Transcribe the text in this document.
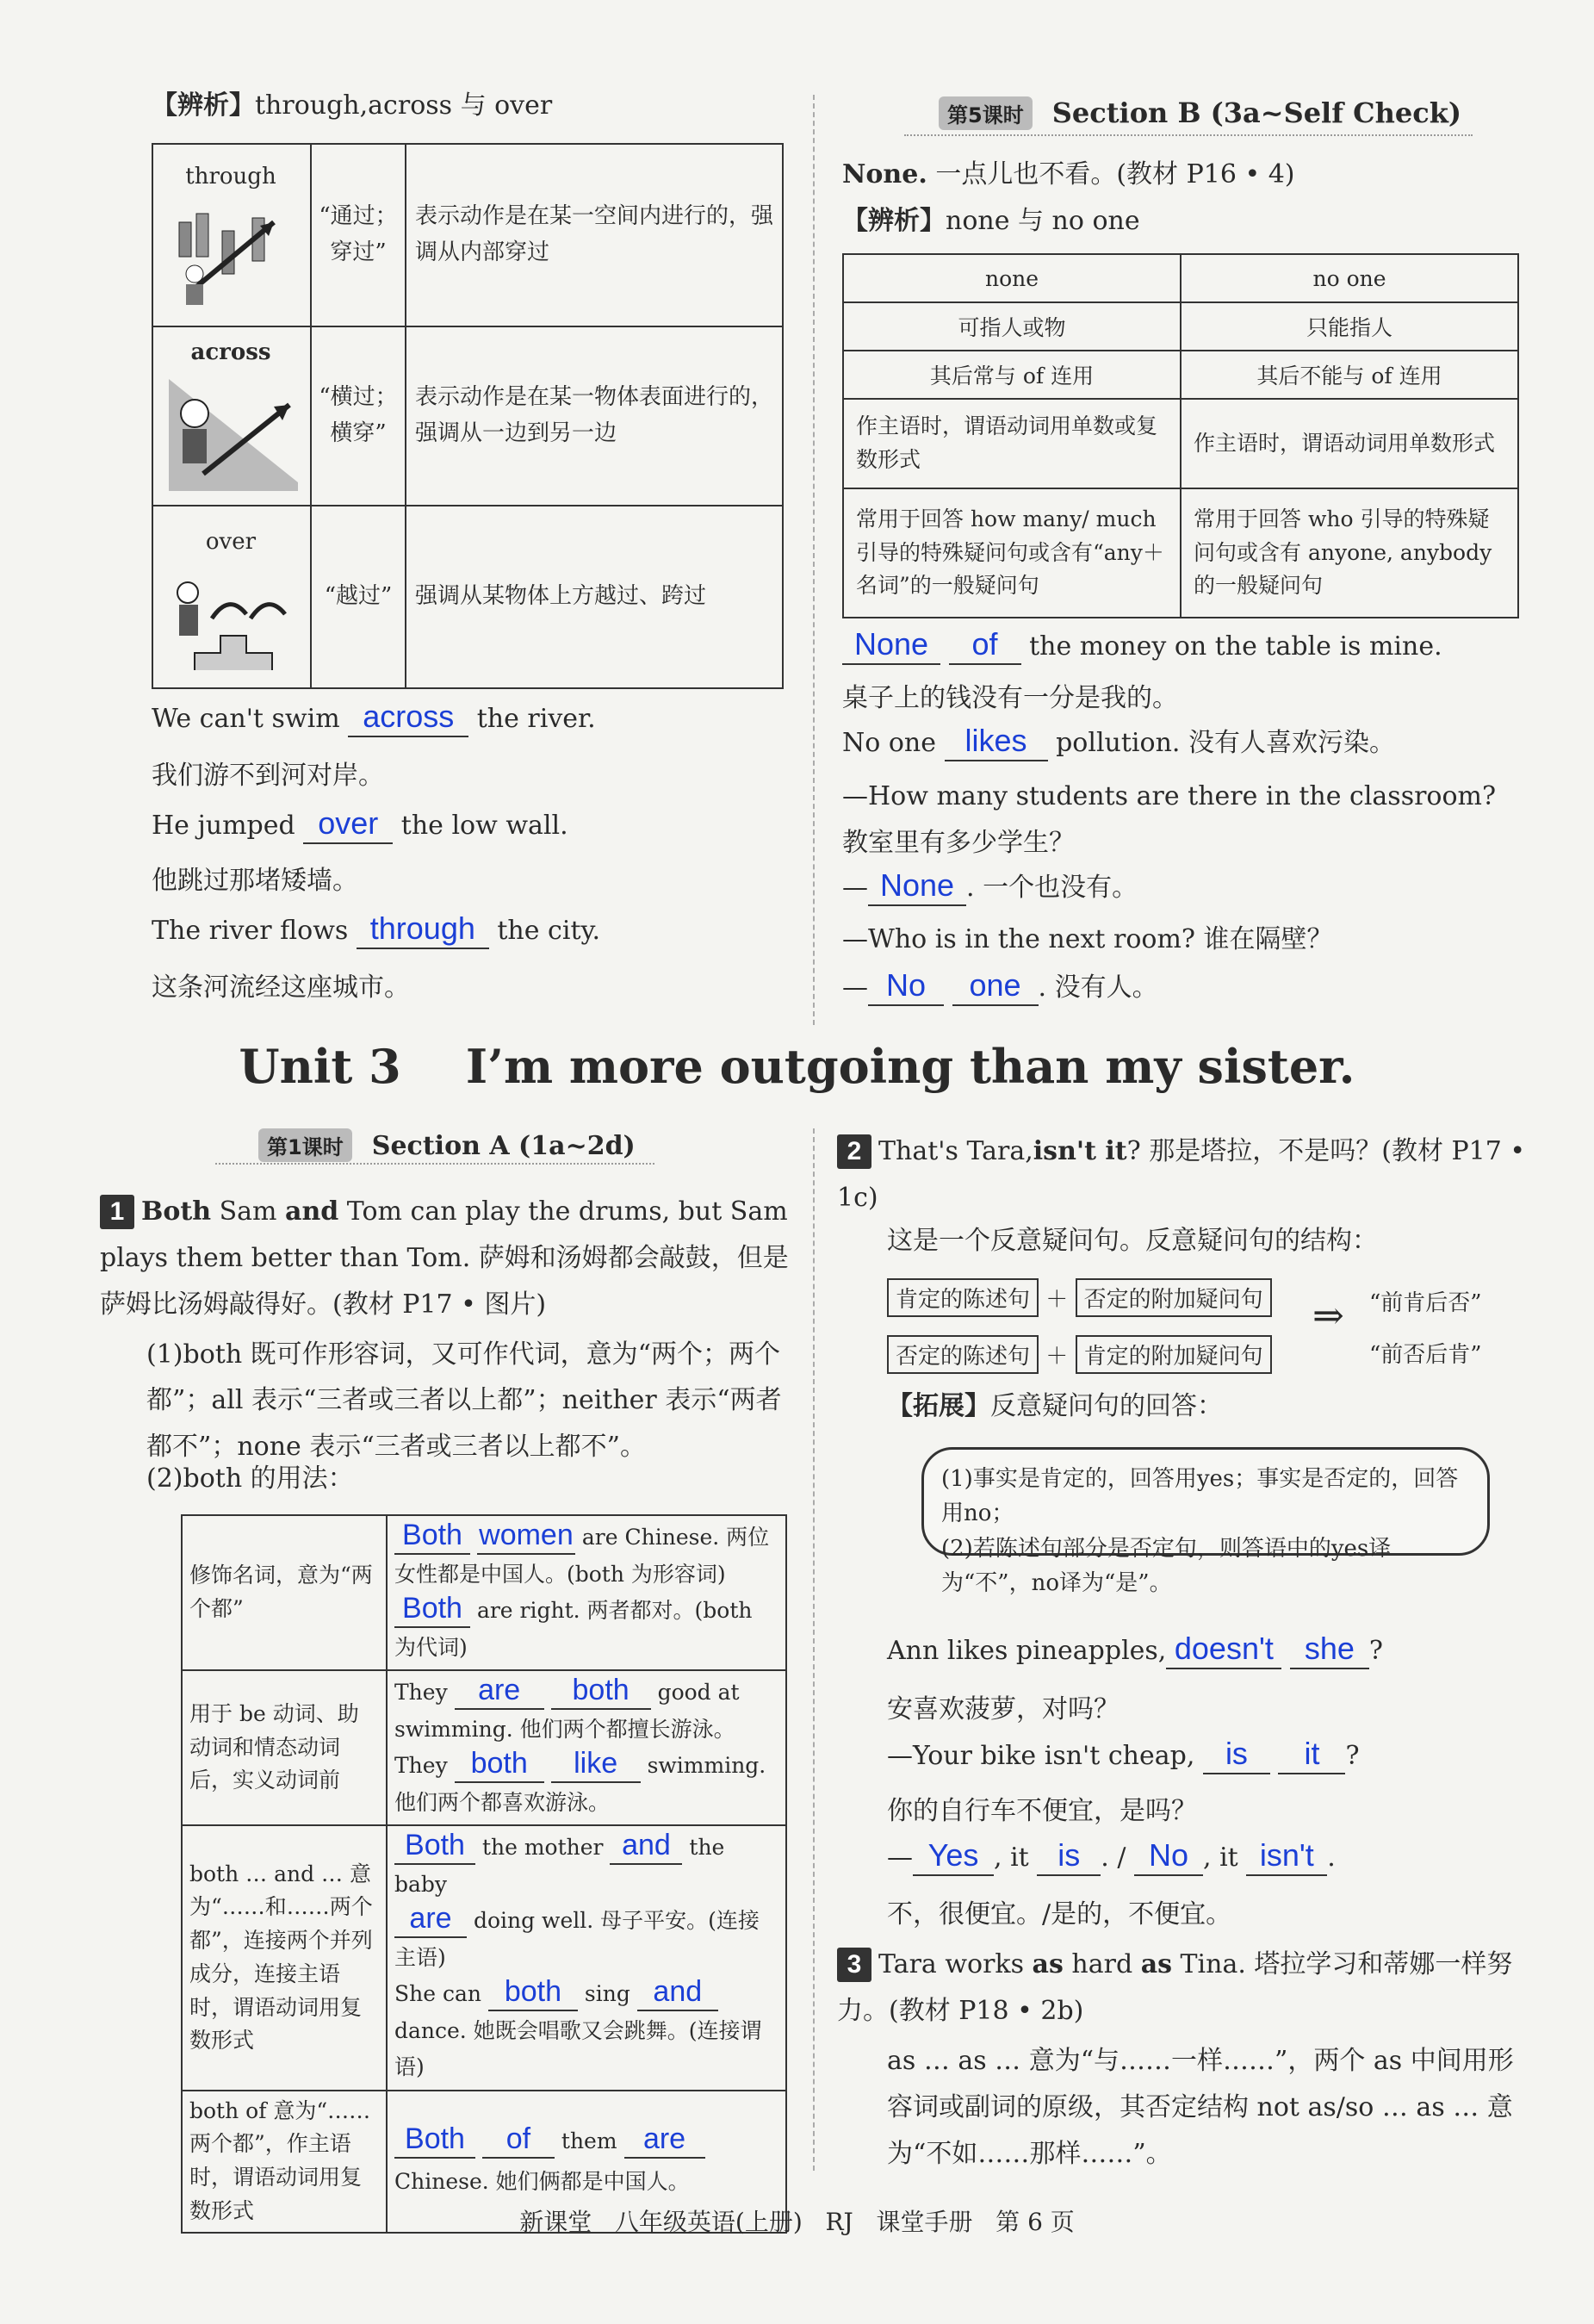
【辨析】through,across 与 over
through	“通过；穿过”	表示动作是在某一空间内进行的，强调从内部穿过

across	“横过；横穿”	表示动作是在某一物体表面进行的，强调从一边到另一边

over	“越过”	强调从某物体上方越过、跨过
We can't swim across the river.
我们游不到河对岸。
He jumped over the low wall.
他跳过那堵矮墙。
The river flows through the city.
这条河流经这座城市。
第5课时 Section B (3a~Self Check)
None. 一点儿也不看。(教材 P16 • 4)
【辨析】none 与 no one
none	no one
可指人或物	只能指人
其后常与 of 连用	其后不能与 of 连用
作主语时，谓语动词用单数或复数形式	作主语时，谓语动词用单数形式
常用于回答 how many/ much 引导的特殊疑问句或含有“any＋名词”的一般疑问句	常用于回答 who 引导的特殊疑问句或含有 anyone, anybody 的一般疑问句
None of the money on the table is mine.
桌子上的钱没有一分是我的。
No one likes pollution. 没有人喜欢污染。
—How many students are there in the classroom?
教室里有多少学生？
— None . 一个也没有。
—Who is in the next room? 谁在隔壁？
— No one . 没有人。
Unit 3    I’m more outgoing than my sister.
第1课时 Section A (1a~2d)
1 Both Sam and Tom can play the drums, but Sam plays them better than Tom. 萨姆和汤姆都会敲鼓，但是萨姆比汤姆敲得好。(教材 P17 • 图片)
(1)both 既可作形容词，又可作代词，意为“两个；两个都”；all 表示“三者或三者以上都”；neither 表示“两者都不”；none 表示“三者或三者以上都不”。
(2)both 的用法：
修饰名词，意为“两个都”	Both women are Chinese. 两位女性都是中国人。(both 为形容词)
Both are right. 两者都对。(both 为代词)
用于 be 动词、助动词和情态动词后，实义动词前	They are both good at swimming. 他们两个都擅长游泳。
They both like swimming. 他们两个都喜欢游泳。
both … and … 意为“……和……两个都”，连接两个并列成分，连接主语时，谓语动词用复数形式	Both the mother and the baby
are doing well. 母子平安。(连接主语)
She can both sing and dance. 她既会唱歌又会跳舞。(连接谓语)
both of 意为“……两个都”，作主语时，谓语动词用复数形式	Both of them are
Chinese. 她们俩都是中国人。
2 That's Tara,isn't it? 那是塔拉，不是吗？(教材 P17 • 1c)
这是一个反意疑问句。反意疑问句的结构：
肯定的陈述句 ＋ 否定的附加疑问句
否定的陈述句 ＋ 肯定的附加疑问句
⇒ “前肯后否”
“前否后肯”
【拓展】反意疑问句的回答：
(1)事实是肯定的，回答用yes；事实是否定的，回答用no；
(2)若陈述句部分是否定句，则答语中的yes译为“不”，no译为“是”。
Ann likes pineapples, doesn't she ?
安喜欢菠萝，对吗？
—Your bike isn't cheap, is it ?
你的自行车不便宜，是吗？
— Yes , it is . / No , it isn't .
不，很便宜。/是的，不便宜。
3 Tara works as hard as Tina. 塔拉学习和蒂娜一样努力。(教材 P18 • 2b)
as … as … 意为“与……一样……”，两个 as 中间用形容词或副词的原级，其否定结构 not as/so … as … 意为“不如……那样……”。
新课堂   八年级英语(上册)   RJ   课堂手册   第 6 页
